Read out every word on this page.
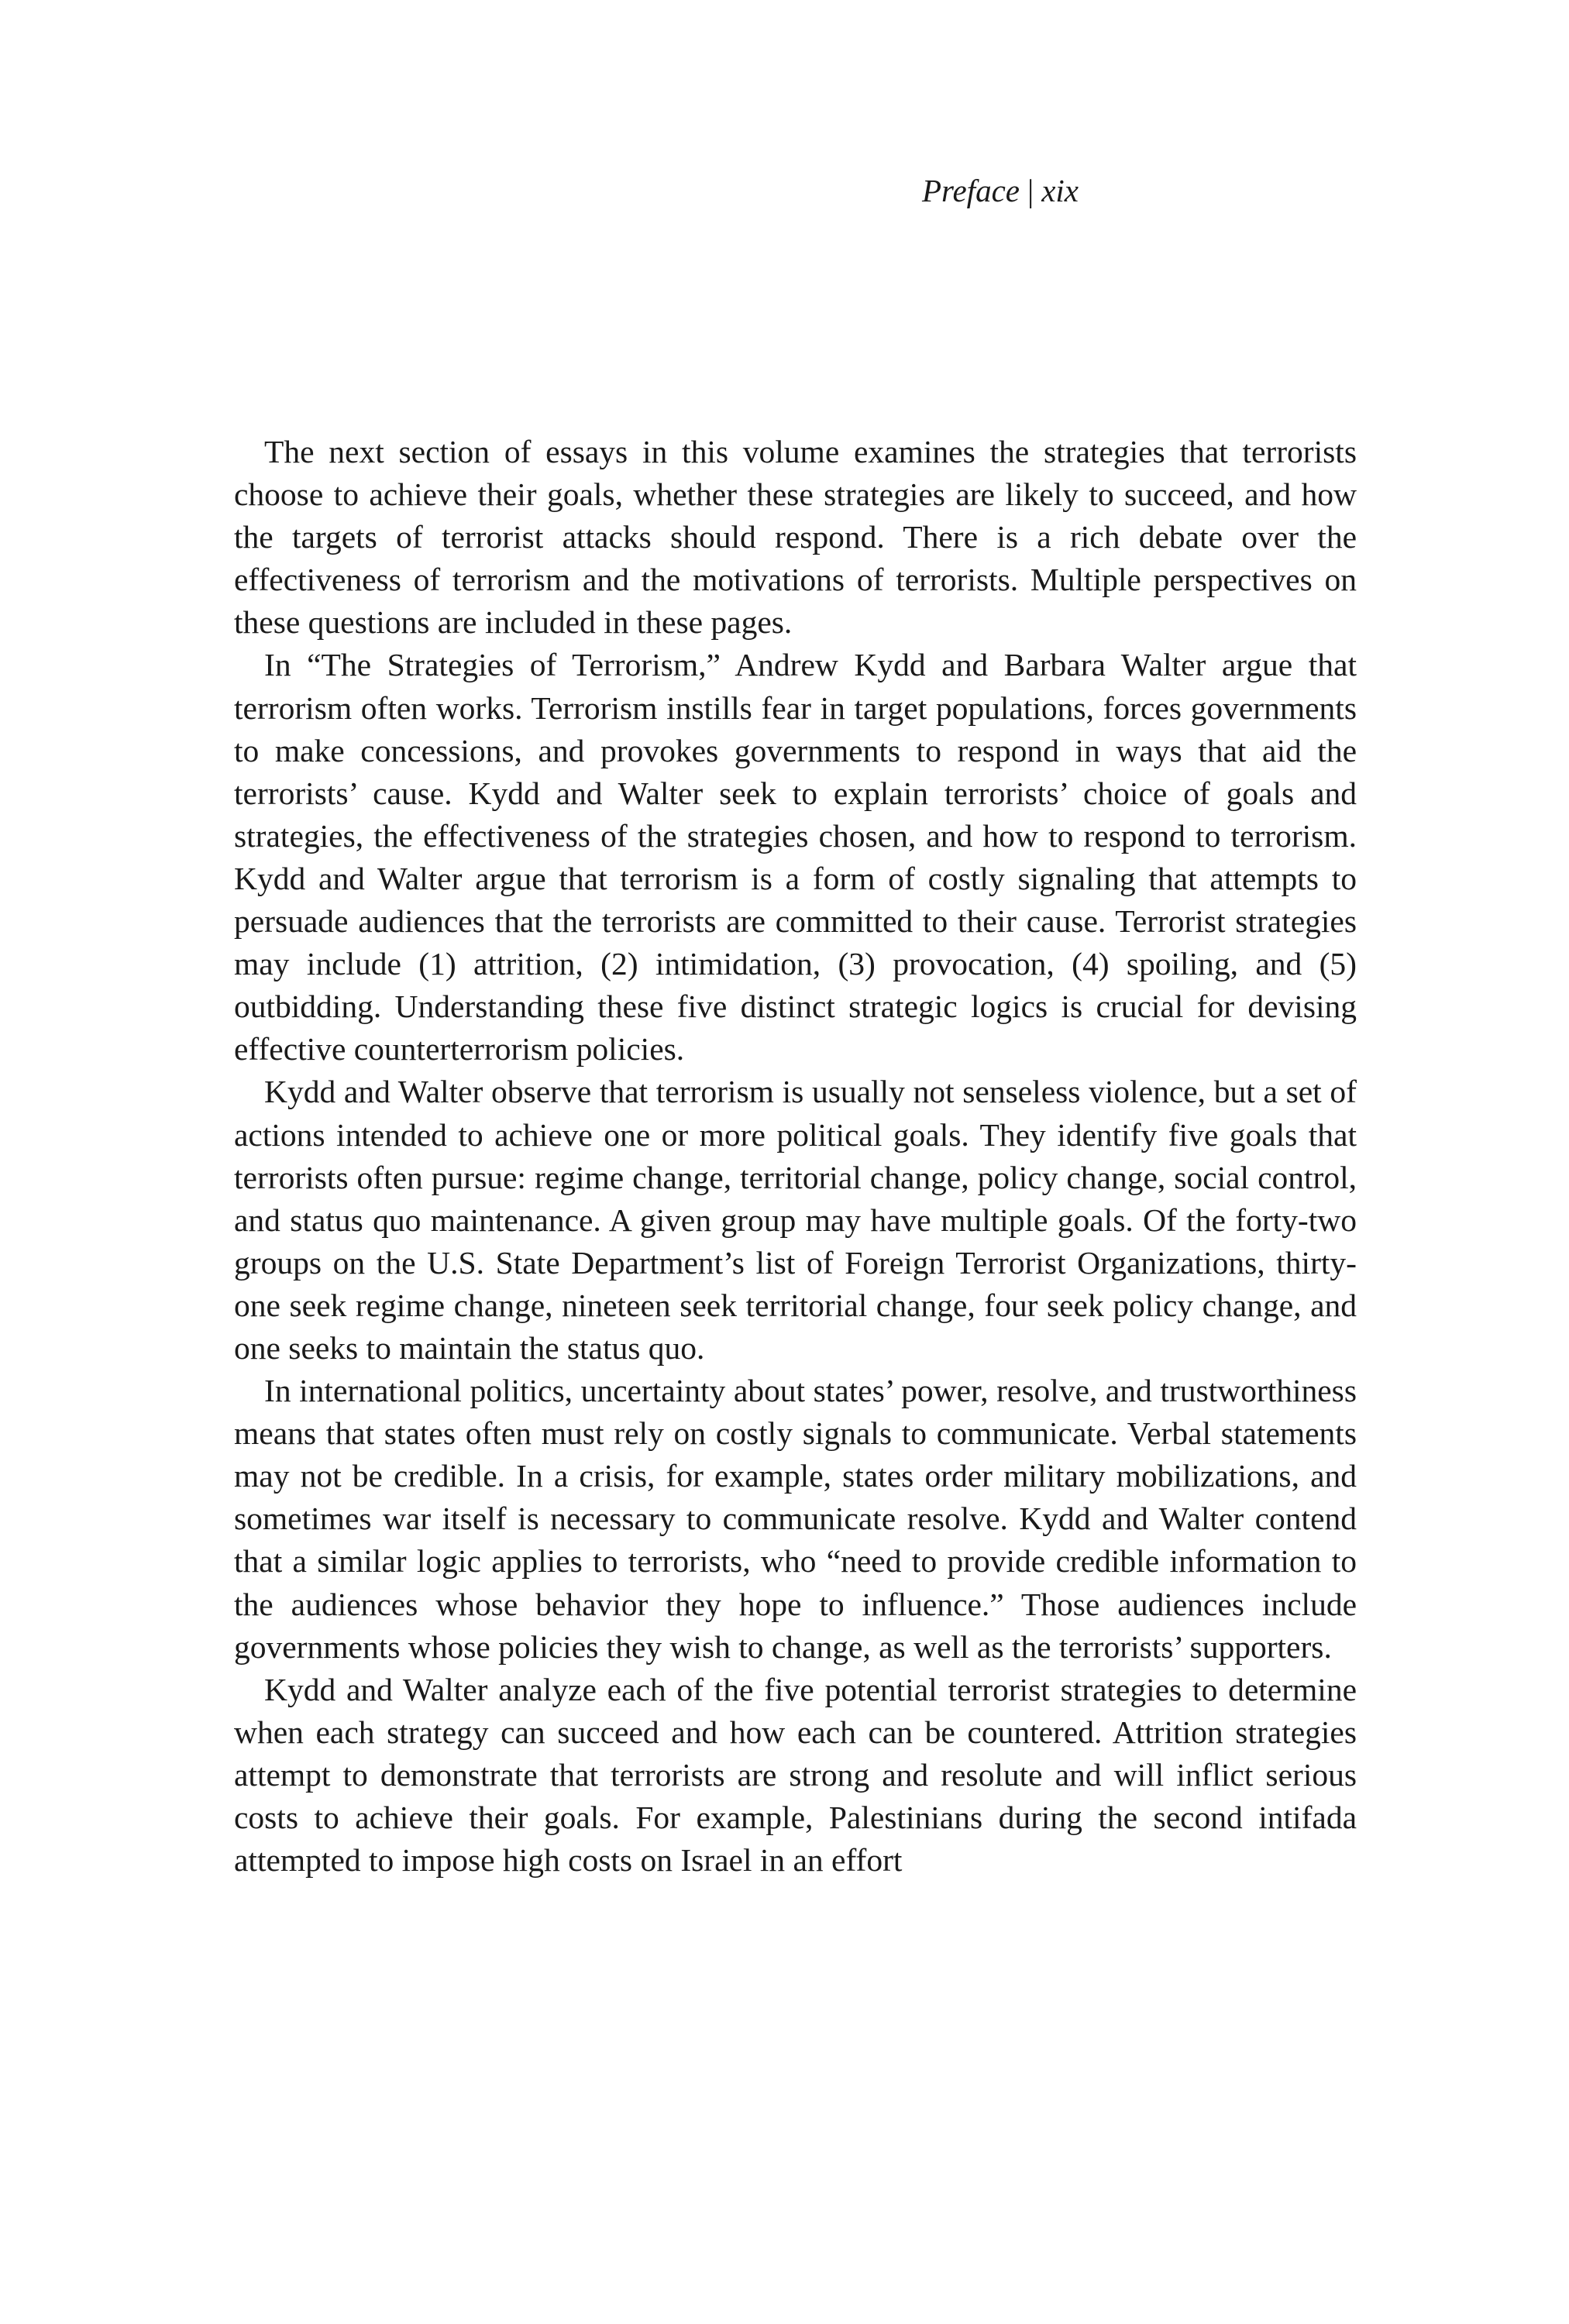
Preface | xix

The next section of essays in this volume examines the strategies that terrorists choose to achieve their goals, whether these strategies are likely to succeed, and how the targets of terrorist attacks should respond. There is a rich debate over the effectiveness of terrorism and the motivations of terrorists. Multiple perspectives on these questions are included in these pages.

In “The Strategies of Terrorism,” Andrew Kydd and Barbara Walter argue that terrorism often works. Terrorism instills fear in target populations, forces governments to make concessions, and provokes governments to respond in ways that aid the terrorists’ cause. Kydd and Walter seek to explain terrorists’ choice of goals and strategies, the effectiveness of the strategies chosen, and how to respond to terrorism. Kydd and Walter argue that terrorism is a form of costly signaling that attempts to persuade audiences that the terrorists are committed to their cause. Terrorist strategies may include (1) attrition, (2) intimidation, (3) provocation, (4) spoiling, and (5) outbidding. Understanding these five distinct strategic logics is crucial for devising effective counterterrorism policies.

Kydd and Walter observe that terrorism is usually not senseless violence, but a set of actions intended to achieve one or more political goals. They identify five goals that terrorists often pursue: regime change, territorial change, policy change, social control, and status quo maintenance. A given group may have multiple goals. Of the forty-two groups on the U.S. State Department’s list of Foreign Terrorist Organizations, thirty-one seek regime change, nineteen seek territorial change, four seek policy change, and one seeks to maintain the status quo.

In international politics, uncertainty about states’ power, resolve, and trustworthiness means that states often must rely on costly signals to communicate. Verbal statements may not be credible. In a crisis, for example, states order military mobilizations, and sometimes war itself is necessary to communicate resolve. Kydd and Walter contend that a similar logic applies to terrorists, who “need to provide credible information to the audiences whose behavior they hope to influence.” Those audiences include governments whose policies they wish to change, as well as the terrorists’ supporters.

Kydd and Walter analyze each of the five potential terrorist strategies to determine when each strategy can succeed and how each can be countered. Attrition strategies attempt to demonstrate that terrorists are strong and resolute and will inflict serious costs to achieve their goals. For example, Palestinians during the second intifada attempted to impose high costs on Israel in an effort
